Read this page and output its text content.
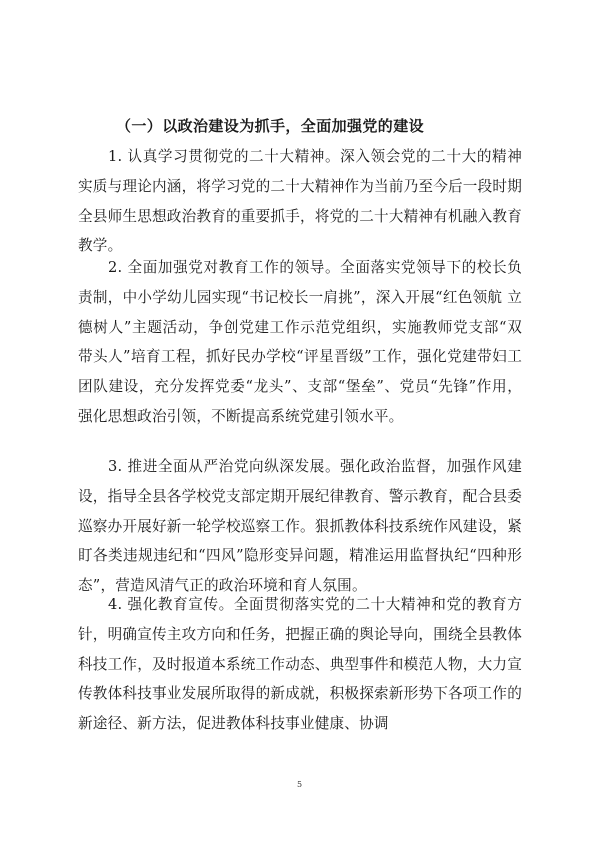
（一）以政治建设为抓手，全面加强党的建设

1. 认真学习贯彻党的二十大精神。深入领会党的二十大的精神实质与理论内涵，将学习党的二十大精神作为当前乃至今后一段时期全县师生思想政治教育的重要抓手，将党的二十大精神有机融入教育教学。

2. 全面加强党对教育工作的领导。全面落实党领导下的校长负责制，中小学幼儿园实现“书记校长一肩挑”，深入开展“红色领航 立德树人”主题活动，争创党建工作示范党组织，实施教师党支部“双带头人”培育工程，抓好民办学校“评星晋级”工作，强化党建带妇工团队建设，充分发挥党委“龙头”、支部“堡垒”、党员“先锋”作用，强化思想政治引领，不断提高系统党建引领水平。

3. 推进全面从严治党向纵深发展。强化政治监督，加强作风建设，指导全县各学校党支部定期开展纪律教育、警示教育，配合县委巡察办开展好新一轮学校巡察工作。狠抓教体科技系统作风建设，紧盯各类违规违纪和“四风”隐形变异问题，精准运用监督执纪“四种形态”，营造风清气正的政治环境和育人氛围。

4. 强化教育宣传。全面贯彻落实党的二十大精神和党的教育方针，明确宣传主攻方向和任务，把握正确的舆论导向，围绕全县教体科技工作，及时报道本系统工作动态、典型事件和模范人物，大力宣传教体科技事业发展所取得的新成就，积极探索新形势下各项工作的新途径、新方法，促进教体科技事业健康、协调

5
